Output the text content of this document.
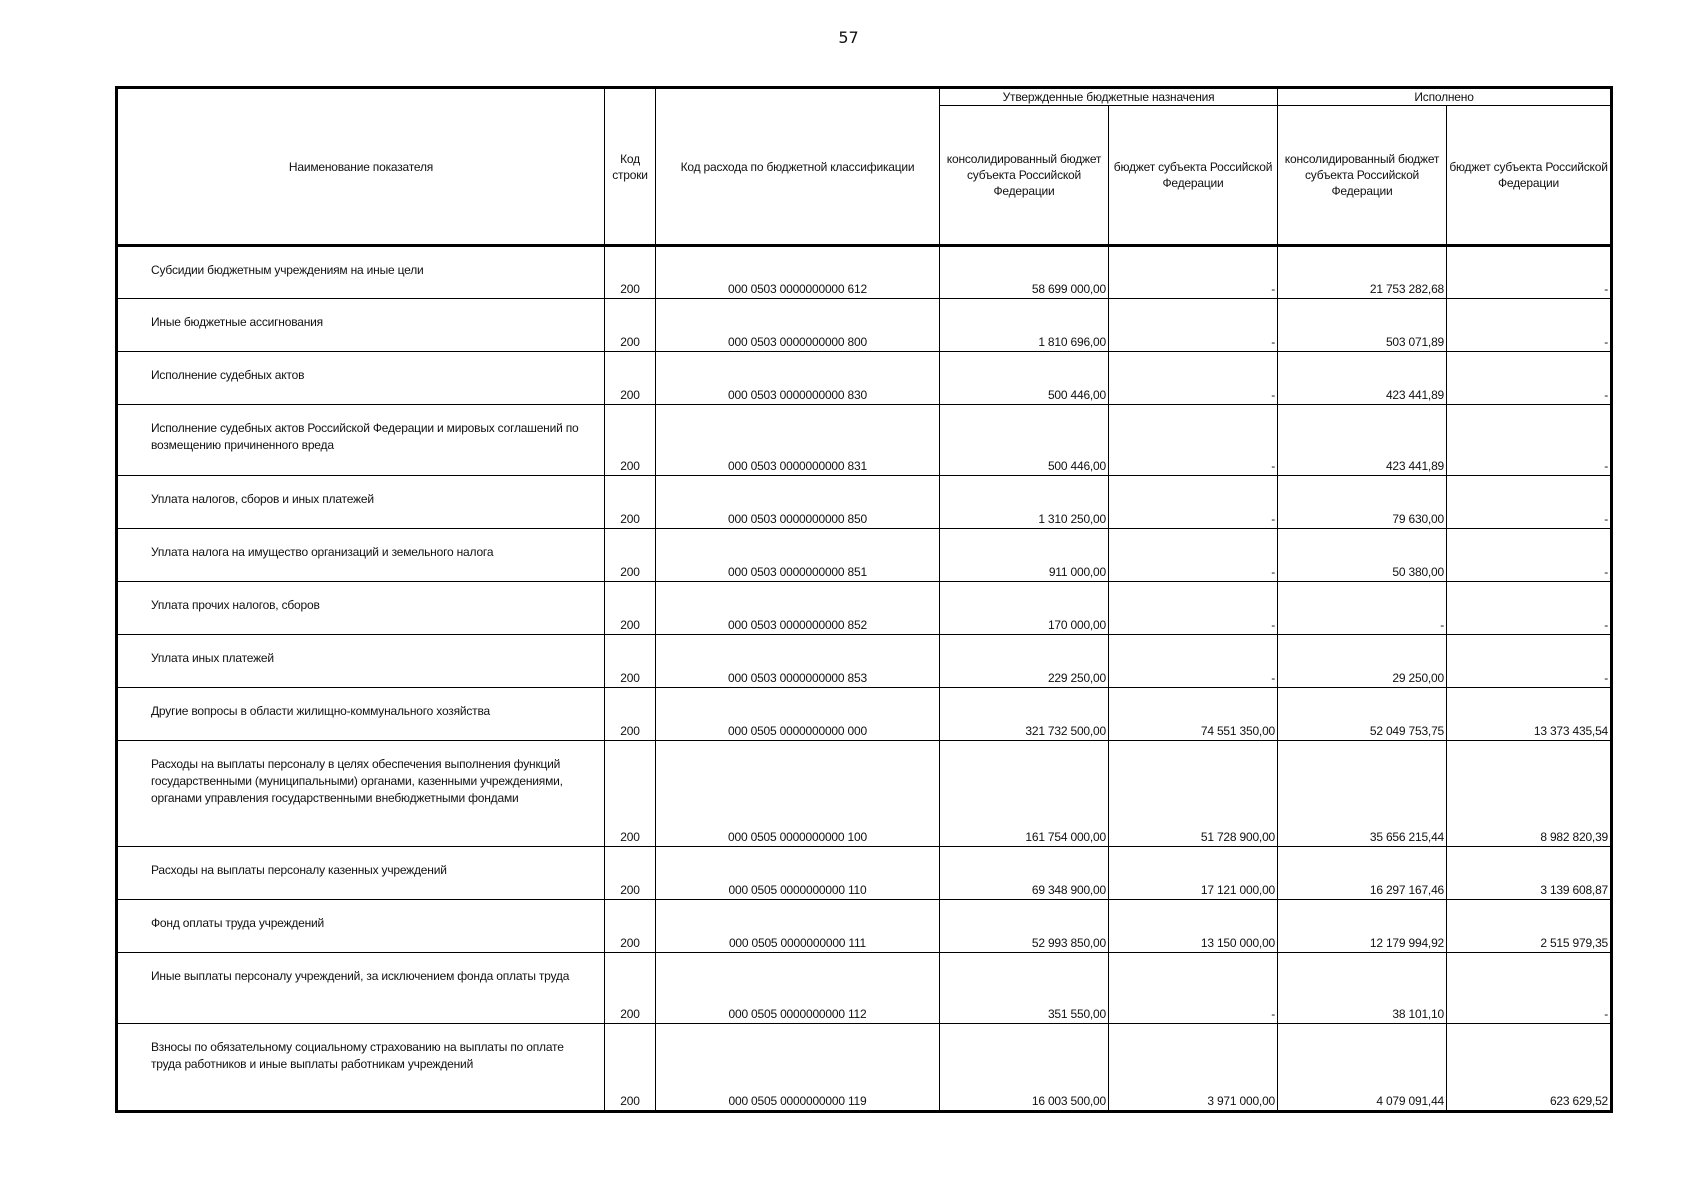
57
Наименование показателя	Код строки	Код расхода по бюджетной классификации	Утвержденные бюджетные назначения		Исполнено	
			консолидированный бюджет субъекта Российской Федерации	бюджет субъекта Российской Федерации	консолидированный бюджет субъекта Российской Федерации	бюджет субъекта Российской Федерации
Субсидии бюджетным учреждениям на иные цели	200	000 0503 0000000000 612	58 699 000,00	-	21 753 282,68	-
Иные бюджетные ассигнования	200	000 0503 0000000000 800	1 810 696,00	-	503 071,89	-
Исполнение судебных актов	200	000 0503 0000000000 830	500 446,00	-	423 441,89	-
Исполнение судебных актов Российской Федерации и мировых соглашений по возмещению причиненного вреда	200	000 0503 0000000000 831	500 446,00	-	423 441,89	-
Уплата налогов, сборов и иных платежей	200	000 0503 0000000000 850	1 310 250,00	-	79 630,00	-
Уплата налога на имущество организаций и земельного налога	200	000 0503 0000000000 851	911 000,00	-	50 380,00	-
Уплата прочих налогов, сборов	200	000 0503 0000000000 852	170 000,00	-	-	-
Уплата иных платежей	200	000 0503 0000000000 853	229 250,00	-	29 250,00	-
Другие вопросы в области жилищно-коммунального хозяйства	200	000 0505 0000000000 000	321 732 500,00	74 551 350,00	52 049 753,75	13 373 435,54
Расходы на выплаты персоналу в целях обеспечения выполнения функций государственными (муниципальными) органами, казенными учреждениями, органами управления государственными внебюджетными фондами	200	000 0505 0000000000 100	161 754 000,00	51 728 900,00	35 656 215,44	8 982 820,39
Расходы на выплаты персоналу казенных учреждений	200	000 0505 0000000000 110	69 348 900,00	17 121 000,00	16 297 167,46	3 139 608,87
Фонд оплаты труда учреждений	200	000 0505 0000000000 111	52 993 850,00	13 150 000,00	12 179 994,92	2 515 979,35
Иные выплаты персоналу учреждений, за исключением фонда оплаты труда	200	000 0505 0000000000 112	351 550,00	-	38 101,10	-
Взносы по обязательному социальному страхованию на выплаты по оплате труда работников и иные выплаты работникам учреждений	200	000 0505 0000000000 119	16 003 500,00	3 971 000,00	4 079 091,44	623 629,52
